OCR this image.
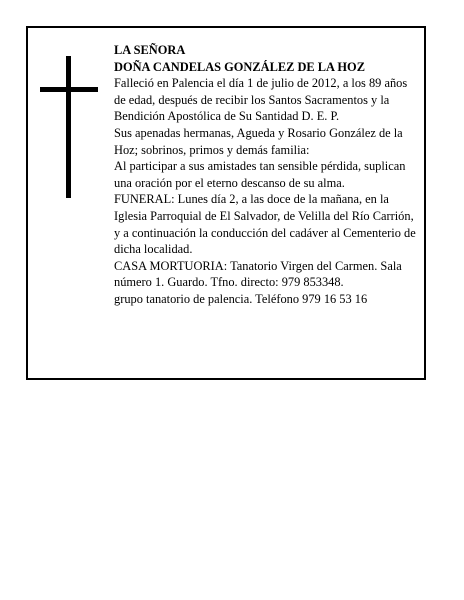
LA SEÑORA

DOÑA CANDELAS GONZÁLEZ DE LA HOZ

Falleció en Palencia el día 1 de julio de 2012, a los 89 años de edad, después de recibir los Santos Sacramentos y la Bendición Apostólica de Su Santidad D. E. P.

Sus apenadas hermanas, Agueda y Rosario González de la Hoz; sobrinos, primos y demás familia:

Al participar a sus amistades tan sensible pérdida, suplican una oración por el eterno descanso de su alma.

FUNERAL: Lunes día 2, a las doce de la mañana, en la Iglesia Parroquial de El Salvador, de Velilla del Río Carrión, y a continuación la conducción del cadáver al Cementerio de dicha localidad.

CASA MORTUORIA: Tanatorio Virgen del Carmen. Sala número 1. Guardo. Tfno. directo: 979 853348.

grupo tanatorio de palencia. Teléfono 979 16 53 16
